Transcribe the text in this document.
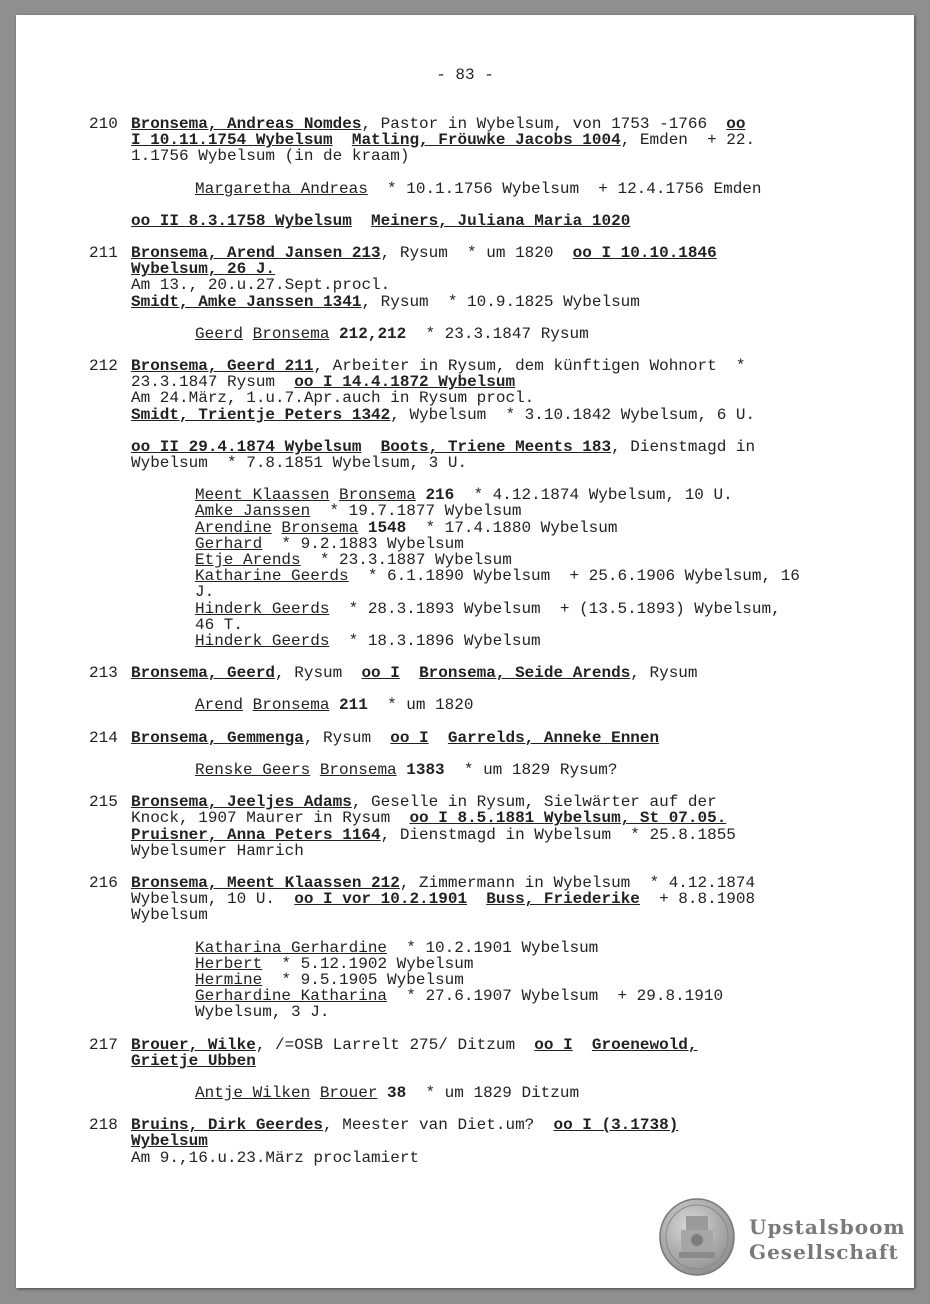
- 83 -
210 Bronsema, Andreas Nomdes, Pastor in Wybelsum, von 1753 -1766  oo
I 10.11.1754 Wybelsum Matling, Fröuwke Jacobs 1004, Emden  + 22.
1.1756 Wybelsum (in de kraam)
Margaretha Andreas  * 10.1.1756 Wybelsum  + 12.4.1756 Emden
oo II 8.3.1758 Wybelsum Meiners, Juliana Maria 1020
211 Bronsema, Arend Jansen 213, Rysum  * um 1820  oo I 10.10.1846
Wybelsum, 26 J.
Am 13., 20.u.27.Sept.procl.
Smidt, Amke Janssen 1341, Rysum  * 10.9.1825 Wybelsum
Geerd Bronsema 212,212  * 23.3.1847 Rysum
212 Bronsema, Geerd 211, Arbeiter in Rysum, dem künftigen Wohnort  *
23.3.1847 Rysum  oo I 14.4.1872 Wybelsum
Am 24.März, 1.u.7.Apr.auch in Rysum procl.
Smidt, Trientje Peters 1342, Wybelsum  * 3.10.1842 Wybelsum, 6 U.
oo II 29.4.1874 Wybelsum Boots, Triene Meents 183, Dienstmagd in
Wybelsum  * 7.8.1851 Wybelsum, 3 U.
Meent Klaassen Bronsema 216  * 4.12.1874 Wybelsum, 10 U.
Amke Janssen  * 19.7.1877 Wybelsum
Arendine Bronsema 1548  * 17.4.1880 Wybelsum
Gerhard  * 9.2.1883 Wybelsum
Etje Arends  * 23.3.1887 Wybelsum
Katharine Geerds  * 6.1.1890 Wybelsum  + 25.6.1906 Wybelsum, 16
J.
Hinderk Geerds  * 28.3.1893 Wybelsum  + (13.5.1893) Wybelsum,
46 T.
Hinderk Geerds  * 18.3.1896 Wybelsum
213 Bronsema, Geerd, Rysum  oo I Bronsema, Seide Arends, Rysum
Arend Bronsema 211  * um 1820
214 Bronsema, Gemmenga, Rysum  oo I Garrelds, Anneke Ennen
Renske Geers Bronsema 1383  * um 1829 Rysum?
215 Bronsema, Jeeljes Adams, Geselle in Rysum, Sielwärter auf der
Knock, 1907 Maurer in Rysum  oo I 8.5.1881 Wybelsum, St 07.05.
Pruisner, Anna Peters 1164, Dienstmagd in Wybelsum  * 25.8.1855
Wybelsumer Hamrich
216 Bronsema, Meent Klaassen 212, Zimmermann in Wybelsum  * 4.12.1874
Wybelsum, 10 U.  oo I vor 10.2.1901 Buss, Friederike  + 8.8.1908
Wybelsum
Katharina Gerhardine  * 10.2.1901 Wybelsum
Herbert  * 5.12.1902 Wybelsum
Hermine  * 9.5.1905 Wybelsum
Gerhardine Katharina  * 27.6.1907 Wybelsum  + 29.8.1910
Wybelsum, 3 J.
217 Brouer, Wilke, /=OSB Larrelt 275/ Ditzum  oo I Groenewold,
Grietje Ubben
Antje Wilken Brouer 38  * um 1829 Ditzum
218 Bruins, Dirk Geerdes, Meester van Diet.um?  oo I (3.1738)
Wybelsum
Am 9.,16.u.23.März proclamiert
Upstalsboom
Gesellschaft
